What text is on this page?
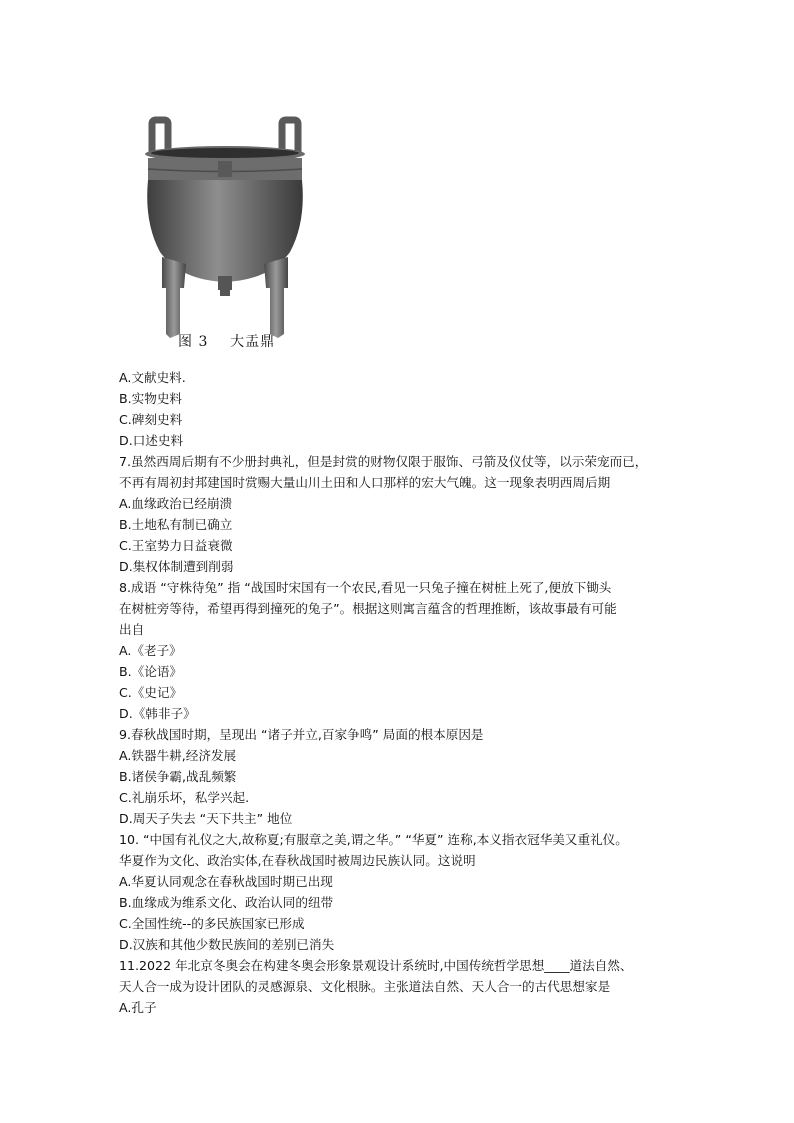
图 3    大盂鼎
A.文献史料.
B.实物史料
C.碑刻史料
D.口述史料
7.虽然西周后期有不少册封典礼，但是封赏的财物仅限于服饰、弓箭及仪仗等，以示荣宠而已，
不再有周初封邦建国时赏赐大量山川土田和人口那样的宏大气魄。这一现象表明西周后期
A.血缘政治已经崩溃
B.土地私有制已确立
C.王室势力日益衰微
D.集权体制遭到削弱
8.成语 “守株待兔” 指 “战国时宋国有一个农民,看见一只兔子撞在树桩上死了,便放下锄头
在树桩旁等待，希望再得到撞死的兔子”。根据这则寓言蕴含的哲理推断，该故事最有可能
出自
A.《老子》
B.《论语》
C.《史记》
D.《韩非子》
9.春秋战国时期，呈现出 “诸子并立,百家争鸣” 局面的根本原因是
A.铁器牛耕,经济发展
B.诸侯争霸,战乱频繁
C.礼崩乐坏，私学兴起.
D.周天子失去 “天下共主” 地位
10. “中国有礼仪之大,故称夏;有服章之美,谓之华。” “华夏” 连称,本义指衣冠华美又重礼仪。
华夏作为文化、政治实体,在春秋战国时被周边民族认同。这说明
A.华夏认同观念在春秋战国时期已出现
B.血缘成为维系文化、政治认同的纽带
C.全国性统--的多民族国家已形成
D.汉族和其他少数民族间的差别已消失
11.2022 年北京冬奥会在构建冬奥会形象景观设计系统时,中国传统哲学思想____道法自然、
天人合一成为设计团队的灵感源泉、文化根脉。主张道法自然、天人合一的古代思想家是
A.孔子
